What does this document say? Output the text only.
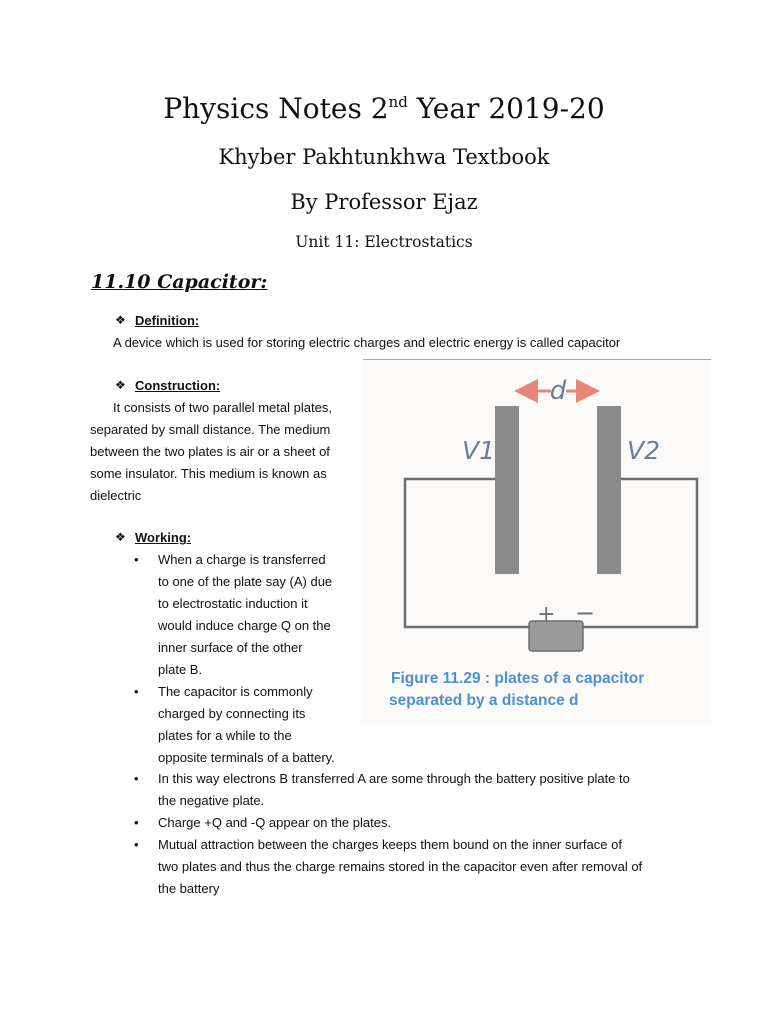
Physics Notes 2nd Year 2019-20
Khyber Pakhtunkhwa Textbook
By Professor Ejaz
Unit 11: Electrostatics
11.10 Capacitor:
❖ Definition:
A device which is used for storing electric charges and electric energy is called capacitor
❖ Construction:
It consists of two parallel metal plates,
separated by small distance. The medium
between the two plates is air or a sheet of
some insulator. This medium is known as
dielectric
❖ Working:
• When a charge is transferred
to one of the plate say (A) due
to electrostatic induction it
would induce charge Q on the
inner surface of the other
plate B.
• The capacitor is commonly
charged by connecting its
plates for a while to the
opposite terminals of a battery.
• In this way electrons B transferred A are some through the battery positive plate to
the negative plate.
• Charge +Q and -Q appear on the plates.
• Mutual attraction between the charges keeps them bound on the inner surface of
two plates and thus the charge remains stored in the capacitor even after removal of
the battery
d
V1	V2
+ −
Figure 11.29 : plates of a capacitor
separated by a distance d
